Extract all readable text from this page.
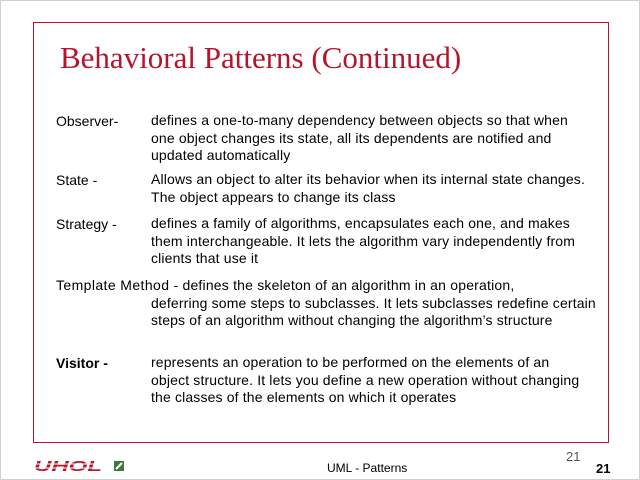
Behavioral Patterns (Continued)
Observer- defines a one-to-many dependency between objects so that when one object changes its state, all its dependents are notified and updated automatically
State -	Allows an object to alter its behavior when its internal state changes. The object appears to change its class
Strategy - defines a family of algorithms, encapsulates each one, and makes them interchangeable. It lets the algorithm vary independently from clients that use it
Template Method - defines the skeleton of an algorithm in an operation,
deferring some steps to subclasses. It lets subclasses redefine certain steps of an algorithm without changing the algorithm’s structure
Visitor -	represents an operation to be performed on the elements of an object structure. It lets you define a new operation without changing the classes of the elements on which it operates
UHOL	UML - Patterns
21
21
